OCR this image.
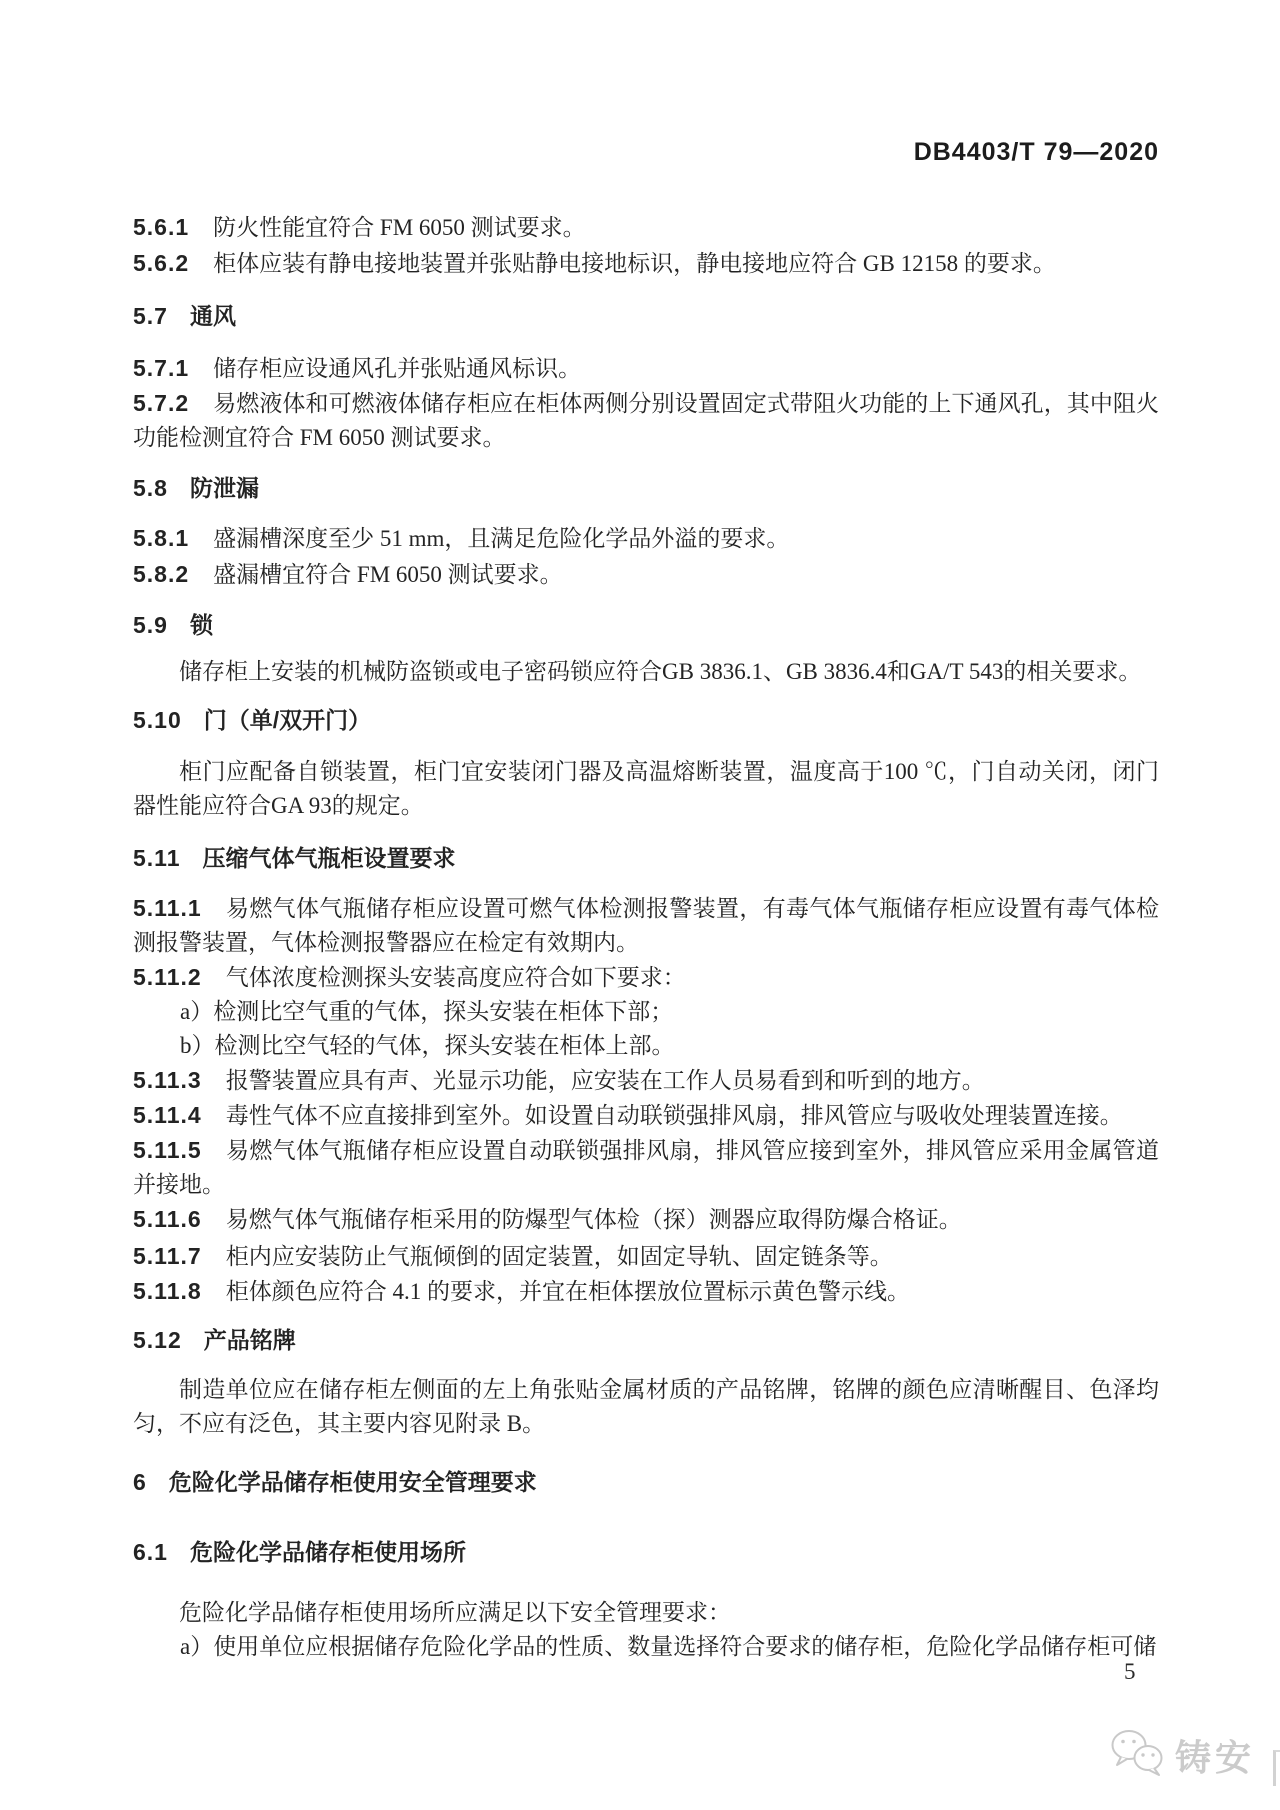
DB4403/T 79—2020
5.6.1 防火性能宜符合 FM 6050 测试要求。
5.6.2 柜体应装有静电接地装置并张贴静电接地标识，静电接地应符合 GB 12158 的要求。
5.7 通风
5.7.1 储存柜应设通风孔并张贴通风标识。
5.7.2 易燃液体和可燃液体储存柜应在柜体两侧分别设置固定式带阻火功能的上下通风孔，其中阻火功能检测宜符合 FM 6050 测试要求。
5.8 防泄漏
5.8.1 盛漏槽深度至少 51 mm，且满足危险化学品外溢的要求。
5.8.2 盛漏槽宜符合 FM 6050 测试要求。
5.9 锁
储存柜上安装的机械防盗锁或电子密码锁应符合GB 3836.1、GB 3836.4和GA/T 543的相关要求。
5.10 门（单/双开门）
柜门应配备自锁装置，柜门宜安装闭门器及高温熔断装置，温度高于100 ℃，门自动关闭，闭门器性能应符合GA 93的规定。
5.11 压缩气体气瓶柜设置要求
5.11.1 易燃气体气瓶储存柜应设置可燃气体检测报警装置，有毒气体气瓶储存柜应设置有毒气体检测报警装置，气体检测报警器应在检定有效期内。
5.11.2 气体浓度检测探头安装高度应符合如下要求：
a）检测比空气重的气体，探头安装在柜体下部；
b）检测比空气轻的气体，探头安装在柜体上部。
5.11.3 报警装置应具有声、光显示功能，应安装在工作人员易看到和听到的地方。
5.11.4 毒性气体不应直接排到室外。如设置自动联锁强排风扇，排风管应与吸收处理装置连接。
5.11.5 易燃气体气瓶储存柜应设置自动联锁强排风扇，排风管应接到室外，排风管应采用金属管道并接地。
5.11.6 易燃气体气瓶储存柜采用的防爆型气体检（探）测器应取得防爆合格证。
5.11.7 柜内应安装防止气瓶倾倒的固定装置，如固定导轨、固定链条等。
5.11.8 柜体颜色应符合 4.1 的要求，并宜在柜体摆放位置标示黄色警示线。
5.12 产品铭牌
制造单位应在储存柜左侧面的左上角张贴金属材质的产品铭牌，铭牌的颜色应清晰醒目、色泽均匀，不应有泛色，其主要内容见附录 B。
6 危险化学品储存柜使用安全管理要求
6.1 危险化学品储存柜使用场所
危险化学品储存柜使用场所应满足以下安全管理要求：
a）使用单位应根据储存危险化学品的性质、数量选择符合要求的储存柜，危险化学品储存柜可储
5
铸安
